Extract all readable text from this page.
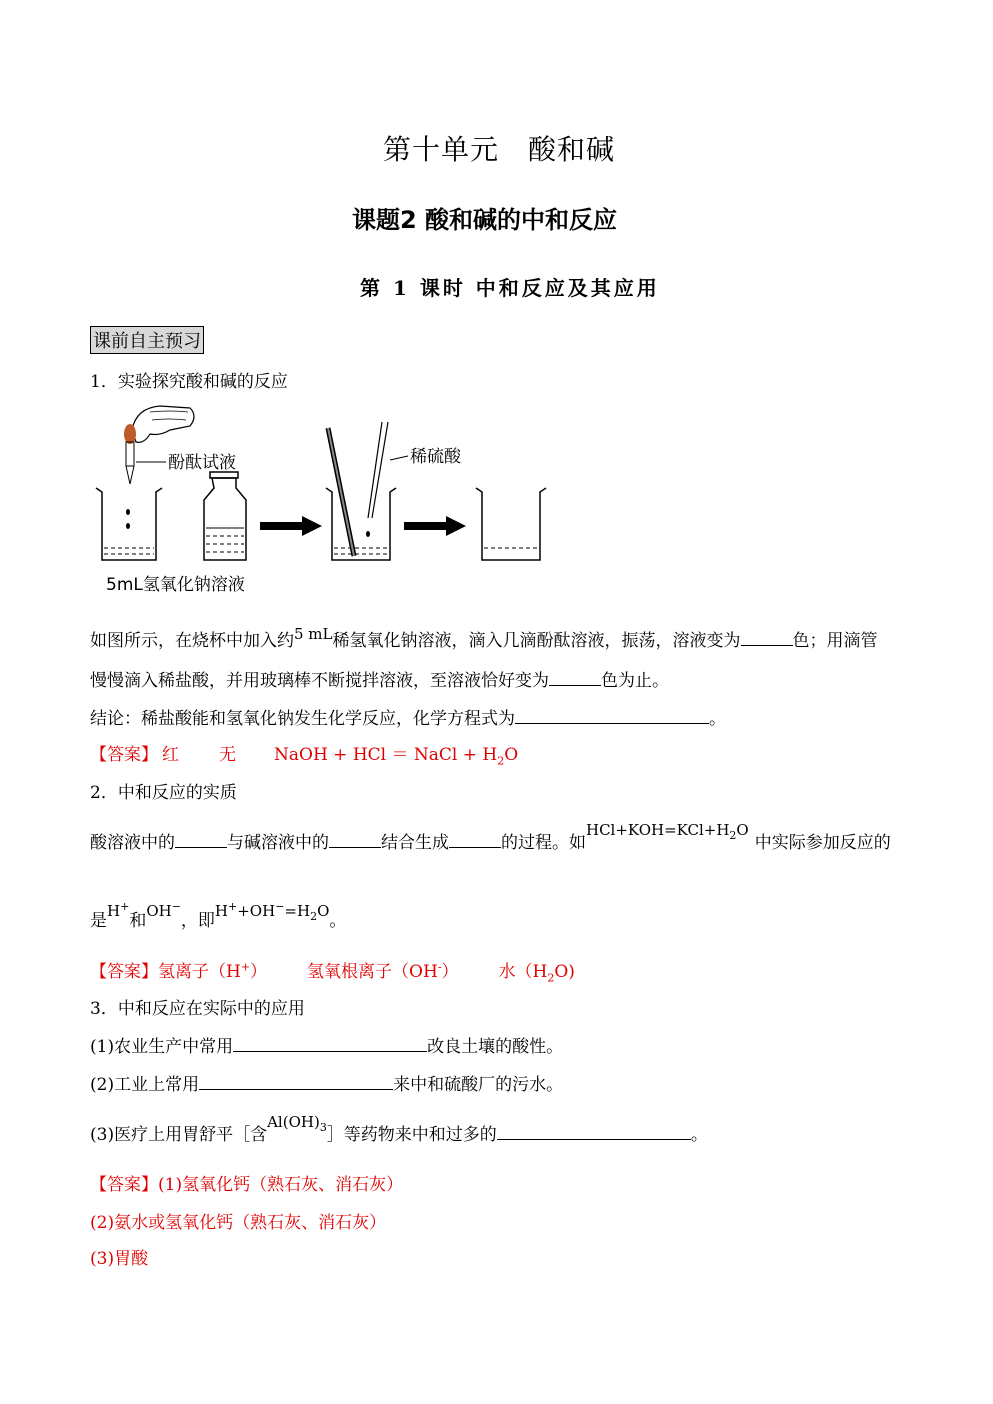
第十单元　酸和碱
课题2 酸和碱的中和反应
第 1 课时 中和反应及其应用
课前自主预习
1．实验探究酸和碱的反应
酚酞试液	稀硫酸
5mL氢氧化钠溶液
如图所示，在烧杯中加入约5 mL稀氢氧化钠溶液，滴入几滴酚酞溶液，振荡，溶液变为	色；用滴管
慢慢滴入稀盐酸，并用玻璃棒不断搅拌溶液，至溶液恰好变为	色为止。
结论：稀盐酸能和氢氧化钠发生化学反应，化学方程式为	。
【答案】 红 无 NaOH + HCl ＝ NaCl + $H_2O$
2．中和反应的实质
酸溶液中的	与碱溶液中的	结合生成	的过程。如$HCl+KOH=KCl+H_2O$中实际参加反应的
是H+和OH−，即$H^++OH^-=H_2O$。
【答案】氢离子（H+） 氢氧根离子（OH-） 水$(H_2O)$
3．中和反应在实际中的应用
(1)农业生产中常用	改良土壤的酸性。
(2)工业上常用	来中和硫酸厂的污水。
(3)医疗上用胃舒平［含$Al(OH)_3]$等药物来中和过多的	。
【答案】(1)氢氧化钙（熟石灰、消石灰）
(2)氨水或氢氧化钙（熟石灰、消石灰）
(3)胃酸
